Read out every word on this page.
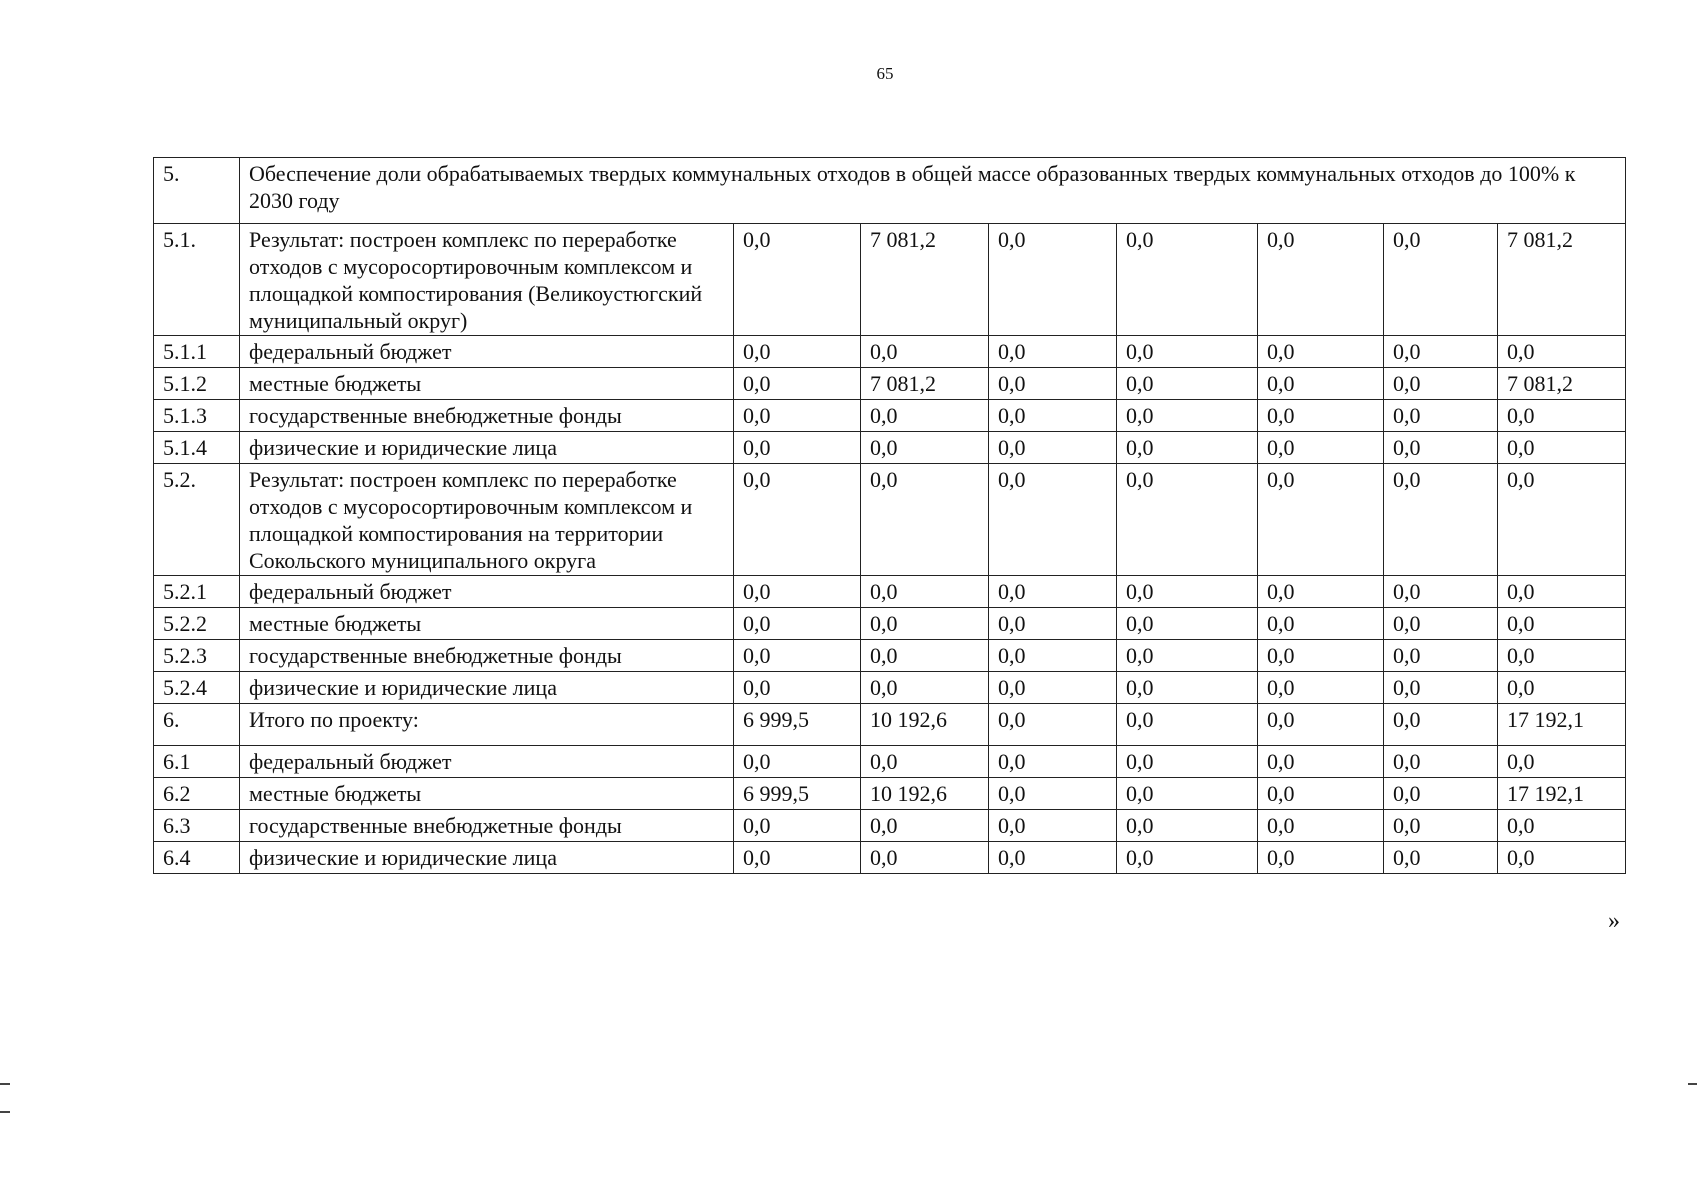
65
5.	Обеспечение доли обрабатываемых твердых коммунальных отходов в общей массе образованных твердых коммунальных отходов до 100% к 2030 году							
5.1.	Результат: построен комплекс по переработке отходов с мусоросортировочным комплексом и площадкой компостирования (Великоустюгский муниципальный округ)	0,0	7 081,2	0,0	0,0	0,0	0,0	7 081,2
5.1.1	федеральный бюджет	0,0	0,0	0,0	0,0	0,0	0,0	0,0
5.1.2	местные бюджеты	0,0	7 081,2	0,0	0,0	0,0	0,0	7 081,2
5.1.3	государственные внебюджетные фонды	0,0	0,0	0,0	0,0	0,0	0,0	0,0
5.1.4	физические и юридические лица	0,0	0,0	0,0	0,0	0,0	0,0	0,0
5.2.	Результат: построен комплекс по переработке отходов с мусоросортировочным комплексом и площадкой компостирования на территории Сокольского муниципального округа	0,0	0,0	0,0	0,0	0,0	0,0	0,0
5.2.1	федеральный бюджет	0,0	0,0	0,0	0,0	0,0	0,0	0,0
5.2.2	местные бюджеты	0,0	0,0	0,0	0,0	0,0	0,0	0,0
5.2.3	государственные внебюджетные фонды	0,0	0,0	0,0	0,0	0,0	0,0	0,0
5.2.4	физические и юридические лица	0,0	0,0	0,0	0,0	0,0	0,0	0,0
6.	Итого по проекту:	6 999,5	10 192,6	0,0	0,0	0,0	0,0	17 192,1
6.1	федеральный бюджет	0,0	0,0	0,0	0,0	0,0	0,0	0,0
6.2	местные бюджеты	6 999,5	10 192,6	0,0	0,0	0,0	0,0	17 192,1
6.3	государственные внебюджетные фонды	0,0	0,0	0,0	0,0	0,0	0,0	0,0
6.4	физические и юридические лица	0,0	0,0	0,0	0,0	0,0	0,0	0,0
»
